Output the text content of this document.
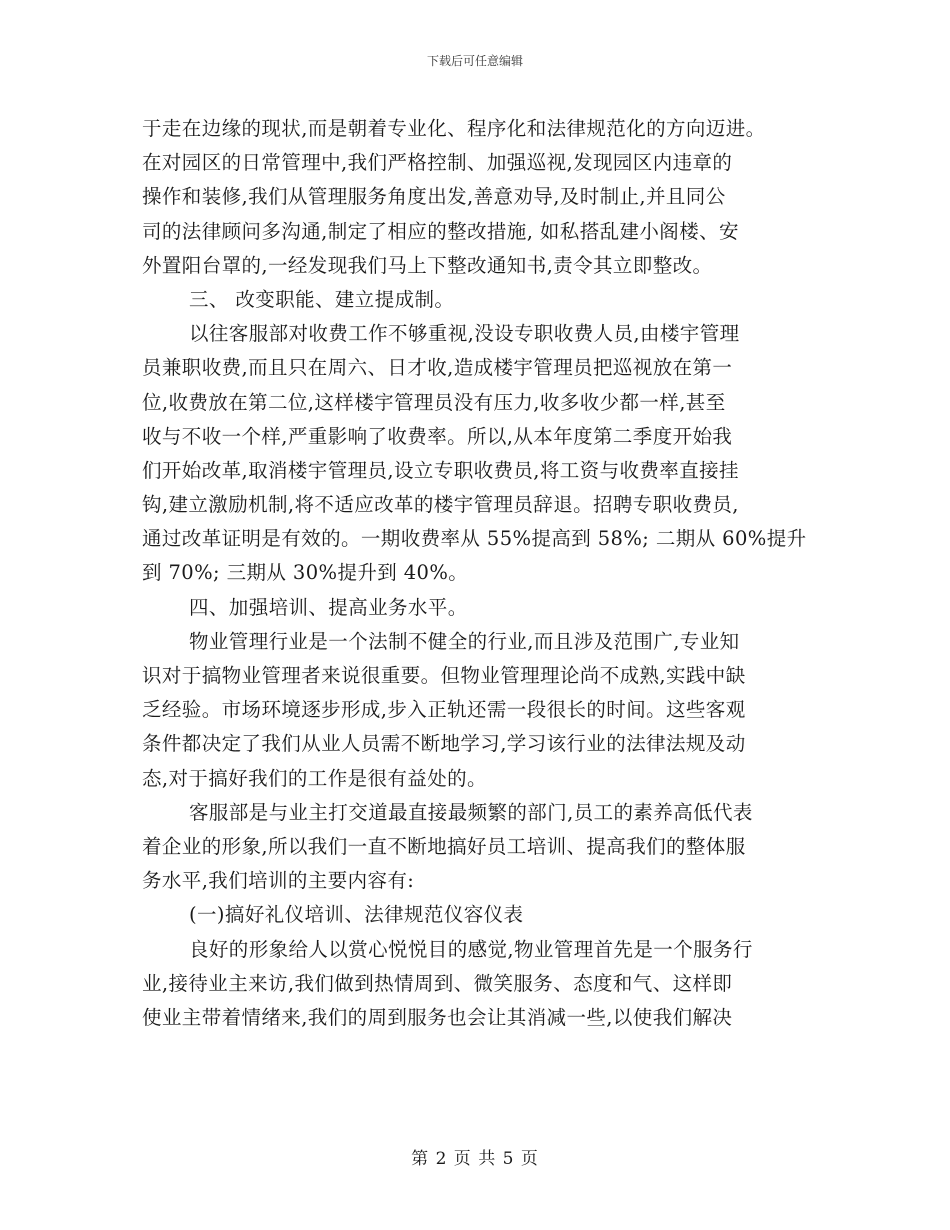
下载后可任意编辑
于走在边缘的现状,而是朝着专业化、程序化和法律规范化的方向迈进。
在对园区的日常管理中,我们严格控制、加强巡视,发现园区内违章的
操作和装修,我们从管理服务角度出发,善意劝导,及时制止,并且同公
司的法律顾问多沟通,制定了相应的整改措施, 如私搭乱建小阁楼、安
外置阳台罩的,一经发现我们马上下整改通知书,责令其立即整改。
三、 改变职能、建立提成制。
以往客服部对收费工作不够重视,没设专职收费人员,由楼宇管理
员兼职收费,而且只在周六、日才收,造成楼宇管理员把巡视放在第一
位,收费放在第二位,这样楼宇管理员没有压力,收多收少都一样,甚至
收与不收一个样,严重影响了收费率。所以,从本年度第二季度开始我
们开始改革,取消楼宇管理员,设立专职收费员,将工资与收费率直接挂
钩,建立激励机制,将不适应改革的楼宇管理员辞退。招聘专职收费员,
通过改革证明是有效的。一期收费率从 55%提高到 58%; 二期从 60%提升
到 70%; 三期从 30%提升到 40%。
四、加强培训、提高业务水平。
物业管理行业是一个法制不健全的行业,而且涉及范围广,专业知
识对于搞物业管理者来说很重要。但物业管理理论尚不成熟,实践中缺
乏经验。市场环境逐步形成,步入正轨还需一段很长的时间。这些客观
条件都决定了我们从业人员需不断地学习,学习该行业的法律法规及动
态,对于搞好我们的工作是很有益处的。
客服部是与业主打交道最直接最频繁的部门,员工的素养高低代表
着企业的形象,所以我们一直不断地搞好员工培训、提高我们的整体服
务水平,我们培训的主要内容有:
(一)搞好礼仪培训、法律规范仪容仪表
良好的形象给人以赏心悦悦目的感觉,物业管理首先是一个服务行
业,接待业主来访,我们做到热情周到、微笑服务、态度和气、这样即
使业主带着情绪来,我们的周到服务也会让其消减一些,以使我们解决
第 2 页 共 5 页
